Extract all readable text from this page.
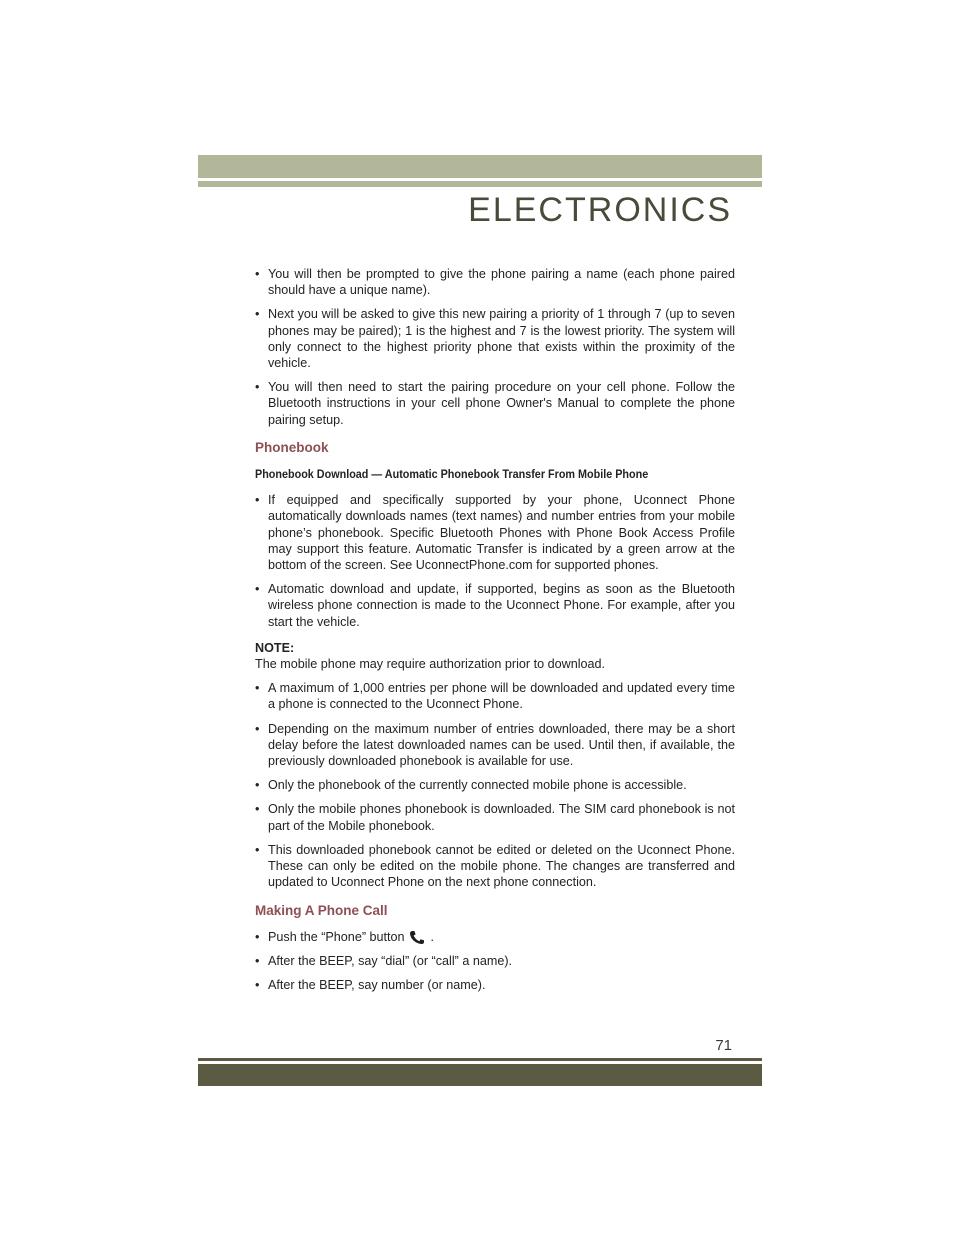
ELECTRONICS
• You will then be prompted to give the phone pairing a name (each phone paired should have a unique name).
• Next you will be asked to give this new pairing a priority of 1 through 7 (up to seven phones may be paired); 1 is the highest and 7 is the lowest priority. The system will only connect to the highest priority phone that exists within the proximity of the vehicle.
• You will then need to start the pairing procedure on your cell phone. Follow the Bluetooth instructions in your cell phone Owner's Manual to complete the phone pairing setup.
Phonebook
Phonebook Download — Automatic Phonebook Transfer From Mobile Phone
• If equipped and specifically supported by your phone, Uconnect Phone automatically downloads names (text names) and number entries from your mobile phone’s phonebook. Specific Bluetooth Phones with Phone Book Access Profile may support this feature. Automatic Transfer is indicated by a green arrow at the bottom of the screen. See UconnectPhone.com for supported phones.
• Automatic download and update, if supported, begins as soon as the Bluetooth wireless phone connection is made to the Uconnect Phone. For example, after you start the vehicle.
NOTE:
The mobile phone may require authorization prior to download.
• A maximum of 1,000 entries per phone will be downloaded and updated every time a phone is connected to the Uconnect Phone.
• Depending on the maximum number of entries downloaded, there may be a short delay before the latest downloaded names can be used. Until then, if available, the previously downloaded phonebook is available for use.
• Only the phonebook of the currently connected mobile phone is accessible.
• Only the mobile phones phonebook is downloaded. The SIM card phonebook is not part of the Mobile phonebook.
• This downloaded phonebook cannot be edited or deleted on the Uconnect Phone. These can only be edited on the mobile phone. The changes are transferred and updated to Uconnect Phone on the next phone connection.
Making A Phone Call
• Push the “Phone” button .
• After the BEEP, say “dial” (or “call” a name).
• After the BEEP, say number (or name).
71
